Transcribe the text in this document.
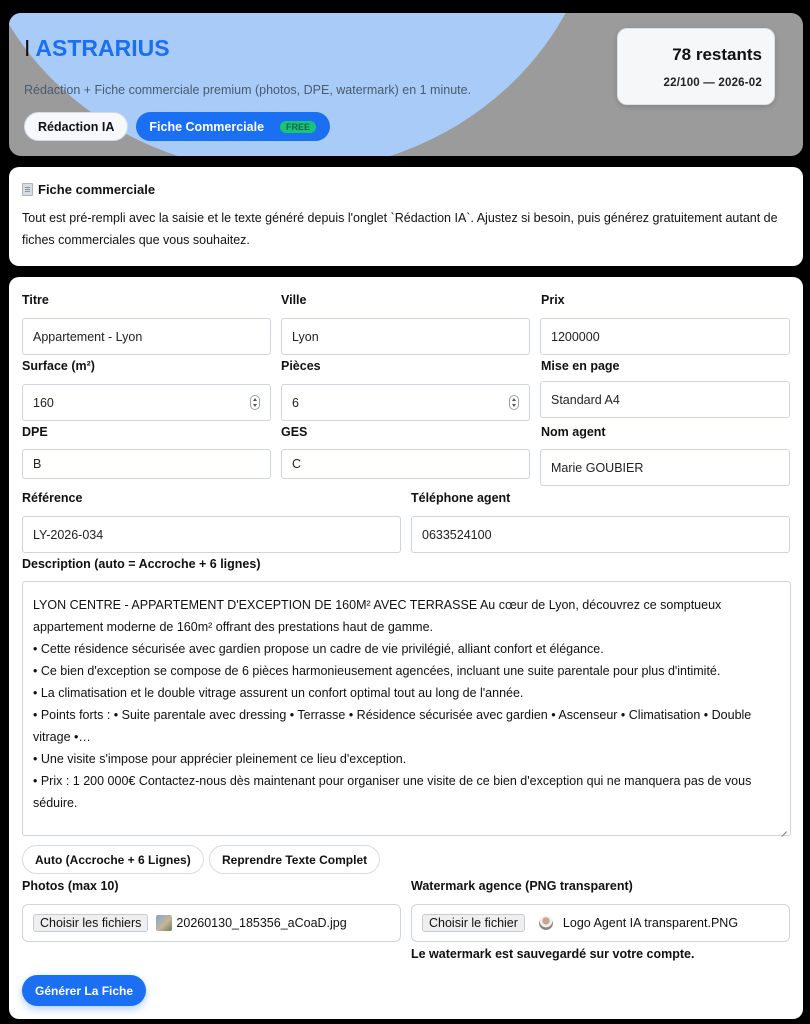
I ASTRARIUS
Rédaction + Fiche commerciale premium (photos, DPE, watermark) en 1 minute.
Rédaction IA	Fiche Commerciale	FREE
78 restants
22/100 — 2026-02
Fiche commerciale
Tout est pré-rempli avec la saisie et le texte généré depuis l'onglet `Rédaction IA`. Ajustez si besoin, puis générez gratuitement autant de fiches commerciales que vous souhaitez.
Titre	Ville	Prix
Appartement - Lyon	Lyon	1200000
Surface (m²)	Pièces	Mise en page
160	6	Standard A4
DPE	GES	Nom agent
B	C	Marie GOUBIER
Référence	Téléphone agent
LY-2026-034	0633524100
Description (auto = Accroche + 6 lignes)

LYON CENTRE - APPARTEMENT D'EXCEPTION DE 160M² AVEC TERRASSE Au cœur de Lyon, découvrez ce somptueux appartement moderne de 160m² offrant des prestations haut de gamme.

• Cette résidence sécurisée avec gardien propose un cadre de vie privilégié, alliant confort et élégance.

• Ce bien d'exception se compose de 6 pièces harmonieusement agencées, incluant une suite parentale pour plus d'intimité.

• La climatisation et le double vitrage assurent un confort optimal tout au long de l'année.

• Points forts : • Suite parentale avec dressing • Terrasse • Résidence sécurisée avec gardien • Ascenseur • Climatisation • Double vitrage •…

• Une visite s'impose pour apprécier pleinement ce lieu d'exception.

• Prix : 1 200 000€ Contactez-nous dès maintenant pour organiser une visite de ce bien d'exception qui ne manquera pas de vous séduire.

Auto (Accroche + 6 Lignes)	Reprendre Texte Complet
Photos (max 10)	Watermark agence (PNG transparent)
Choisir les fichiers	20260130_185356_aCoaD.jpg	Choisir le fichier	Logo Agent IA transparent.PNG
Le watermark est sauvegardé sur votre compte.
Générer La Fiche
